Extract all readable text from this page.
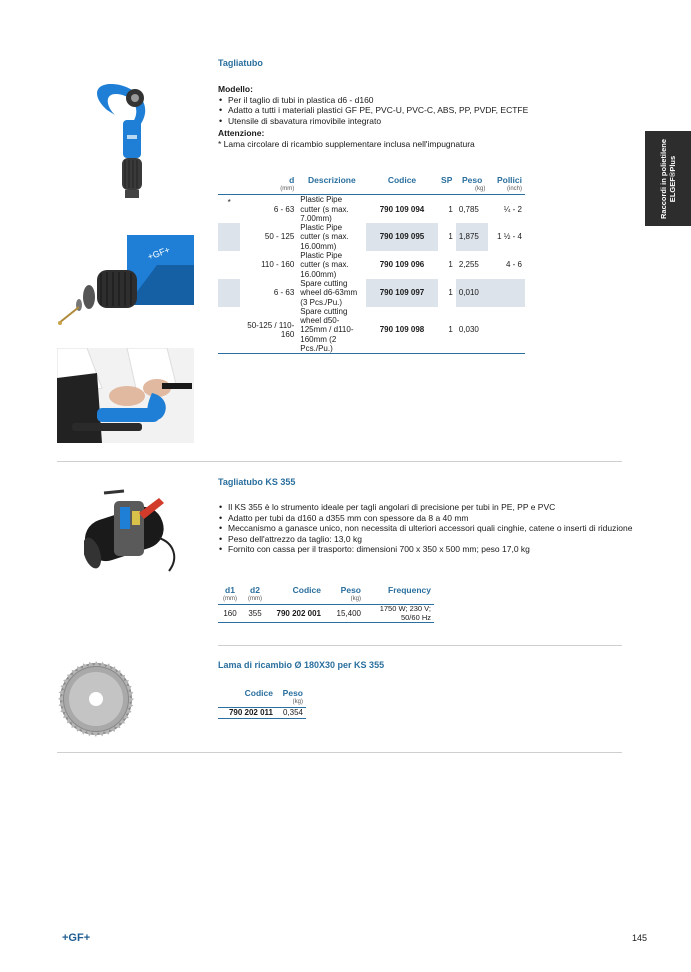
Raccordi in polietilene ELGEF®Plus
Tagliatubo
Modello:
• Per il taglio di tubi in plastica d6 - d160
• Adatto a tutti i materiali plastici GF PE, PVC-U, PVC-C, ABS, PP, PVDF, ECTFE
• Utensile di sbavatura rimovibile integrato
Attenzione:
* Lama circolare di ricambio supplementare inclusa nell'impugnatura
	d	Descrizione	Codice	SP	Peso	Pollici
	(mm)				(kg)	(inch)
*	6 - 63	Plastic Pipe cutter (s max. 7.00mm)	790 109 094	1	0,785	¼ - 2
	50 - 125	Plastic Pipe cutter (s max. 16.00mm)	790 109 095	1	1,875	1 ½ - 4
	110 - 160	Plastic Pipe cutter (s max. 16.00mm)	790 109 096	1	2,255	4 - 6
	6 - 63	Spare cutting wheel d6-63mm (3 Pcs./Pu.)	790 109 097	1	0,010	
	50-125 / 110-160	Spare cutting wheel d50-125mm / d110-160mm (2 Pcs./Pu.)	790 109 098	1	0,030	
+GF+
Tagliatubo KS 355
• Il KS 355 è lo strumento ideale per tagli angolari di precisione per tubi in PE, PP e PVC
• Adatto per tubi da d160 a d355 mm con spessore da 8 a 40 mm
• Meccanismo a ganasce unico, non necessita di ulteriori accessori quali cinghie, catene o inserti di riduzione
• Peso dell'attrezzo da taglio: 13,0 kg
• Fornito con cassa per il trasporto: dimensioni 700 x 350 x 500 mm; peso 17,0 kg
d1	d2	Codice	Peso	Frequency
(mm)	(mm)		(kg)	
160	355	790 202 001	15,400	1750 W; 230 V; 50/60 Hz
Lama di ricambio Ø 180X30 per KS 355
Codice	Peso
	(kg)
790 202 011	0,354
+GF+	145
